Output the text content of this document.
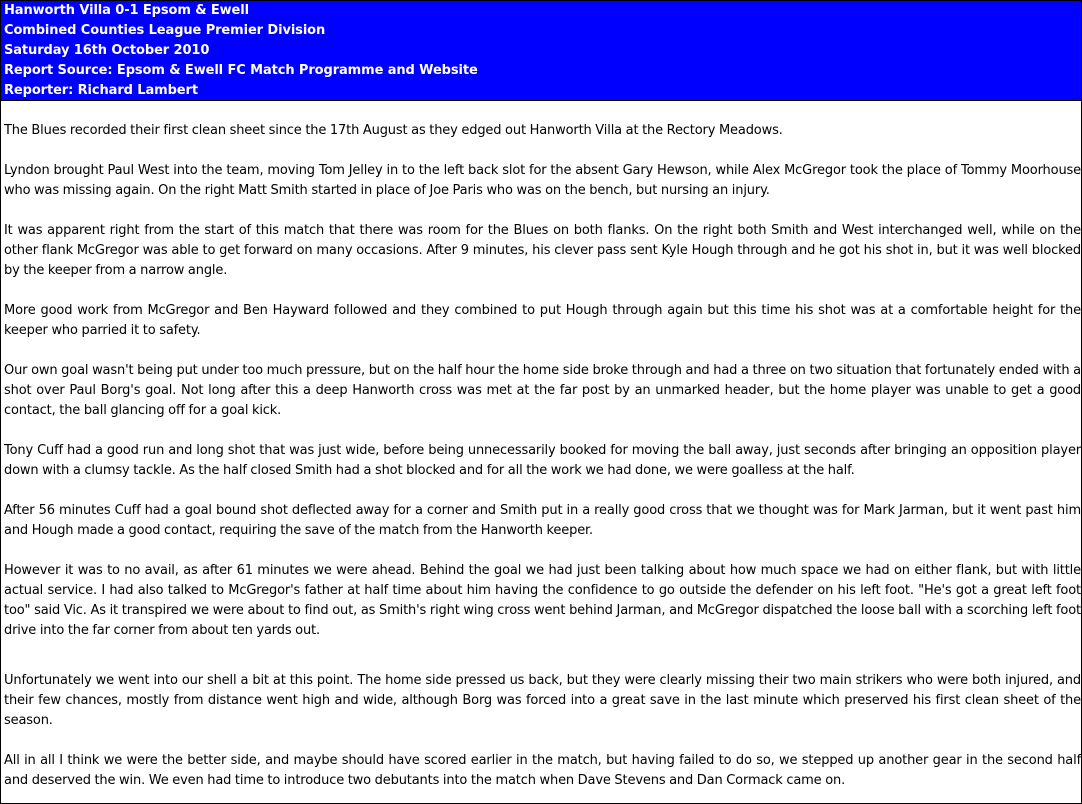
Hanworth Villa 0-1 Epsom & Ewell
Combined Counties League Premier Division
Saturday 16th October 2010
Report Source: Epsom & Ewell FC Match Programme and Website
Reporter: Richard Lambert

The Blues recorded their first clean sheet since the 17th August as they edged out Hanworth Villa at the Rectory Meadows.

Lyndon brought Paul West into the team, moving Tom Jelley in to the left back slot for the absent Gary Hewson, while Alex McGregor took the place of Tommy Moorhouse who was missing again. On the right Matt Smith started in place of Joe Paris who was on the bench, but nursing an injury.

It was apparent right from the start of this match that there was room for the Blues on both flanks. On the right both Smith and West interchanged well, while on the other flank McGregor was able to get forward on many occasions. After 9 minutes, his clever pass sent Kyle Hough through and he got his shot in, but it was well blocked by the keeper from a narrow angle.

More good work from McGregor and Ben Hayward followed and they combined to put Hough through again but this time his shot was at a comfortable height for the keeper who parried it to safety.

Our own goal wasn't being put under too much pressure, but on the half hour the home side broke through and had a three on two situation that fortunately ended with a shot over Paul Borg's goal. Not long after this a deep Hanworth cross was met at the far post by an unmarked header, but the home player was unable to get a good contact, the ball glancing off for a goal kick.

Tony Cuff had a good run and long shot that was just wide, before being unnecessarily booked for moving the ball away, just seconds after bringing an opposition player down with a clumsy tackle. As the half closed Smith had a shot blocked and for all the work we had done, we were goalless at the half.

After 56 minutes Cuff had a goal bound shot deflected away for a corner and Smith put in a really good cross that we thought was for Mark Jarman, but it went past him and Hough made a good contact, requiring the save of the match from the Hanworth keeper.

However it was to no avail, as after 61 minutes we were ahead. Behind the goal we had just been talking about how much space we had on either flank, but with little actual service. I had also talked to McGregor's father at half time about him having the confidence to go outside the defender on his left foot. "He's got a great left foot too" said Vic. As it transpired we were about to find out, as Smith's right wing cross went behind Jarman, and McGregor dispatched the loose ball with a scorching left foot drive into the far corner from about ten yards out.

Unfortunately we went into our shell a bit at this point. The home side pressed us back, but they were clearly missing their two main strikers who were both injured, and their few chances, mostly from distance went high and wide, although Borg was forced into a great save in the last minute which preserved his first clean sheet of the season.

All in all I think we were the better side, and maybe should have scored earlier in the match, but having failed to do so, we stepped up another gear in the second half and deserved the win. We even had time to introduce two debutants into the match when Dave Stevens and Dan Cormack came on.
